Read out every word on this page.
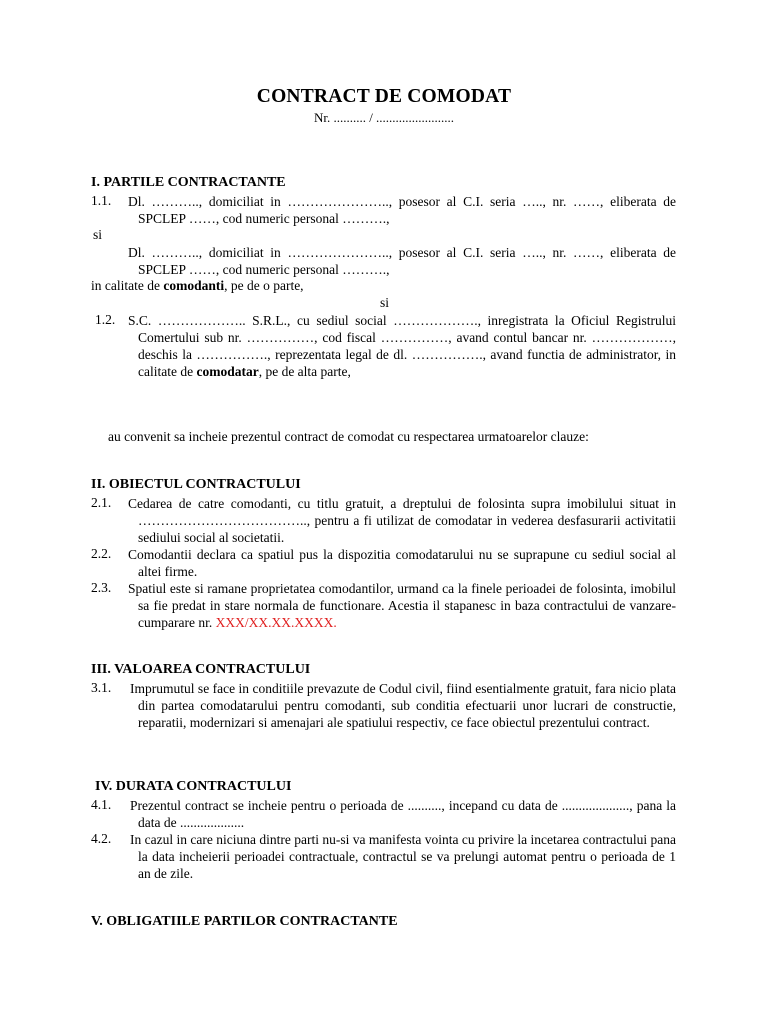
CONTRACT DE COMODAT
Nr. .......... / ........................
I. PARTILE CONTRACTANTE
1.1. Dl. ……….., domiciliat in ………………….., posesor al C.I. seria ….., nr. ……, eliberata de SPCLEP ……, cod numeric personal ……….,
si
Dl. ……….., domiciliat in ………………….., posesor al C.I. seria ….., nr. ……, eliberata de SPCLEP ……, cod numeric personal ……….,
in calitate de comodanti, pe de o parte,
si
1.2. S.C. ……………….. S.R.L., cu sediul social ………………., inregistrata la Oficiul Registrului Comertului sub nr. ……………, cod fiscal ……………, avand contul bancar nr. ………………, deschis la ……………., reprezentata legal de dl. ……………., avand functia de administrator, in calitate de comodatar, pe de alta parte,
au convenit sa incheie prezentul contract de comodat cu respectarea urmatoarelor clauze:
II. OBIECTUL CONTRACTULUI
2.1. Cedarea de catre comodanti, cu titlu gratuit, a dreptului de folosinta supra imobilului situat in ……………………………….., pentru a fi utilizat de comodatar in vederea desfasurarii activitatii sediului social al societatii.
2.2. Comodantii declara ca spatiul pus la dispozitia comodatarului nu se suprapune cu sediul social al altei firme.
2.3. Spatiul este si ramane proprietatea comodantilor, urmand ca la finele perioadei de folosinta, imobilul sa fie predat in stare normala de functionare. Acestia il stapanesc in baza contractului de vanzare-cumparare nr. XXX/XX.XX.XXXX.
III. VALOAREA CONTRACTULUI
3.1. Imprumutul se face in conditiile prevazute de Codul civil, fiind esentialmente gratuit, fara nicio plata din partea comodatarului pentru comodanti, sub conditia efectuarii unor lucrari de constructie, reparatii, modernizari si amenajari ale spatiului respectiv, ce face obiectul prezentului contract.
IV. DURATA CONTRACTULUI
4.1. Prezentul contract se incheie pentru o perioada de .........., incepand cu data de ...................., pana la data de ...................
4.2. In cazul in care niciuna dintre parti nu-si va manifesta vointa cu privire la incetarea contractului pana la data incheierii perioadei contractuale, contractul se va prelungi automat pentru o perioada de 1 an de zile.
V. OBLIGATIILE PARTILOR CONTRACTANTE
